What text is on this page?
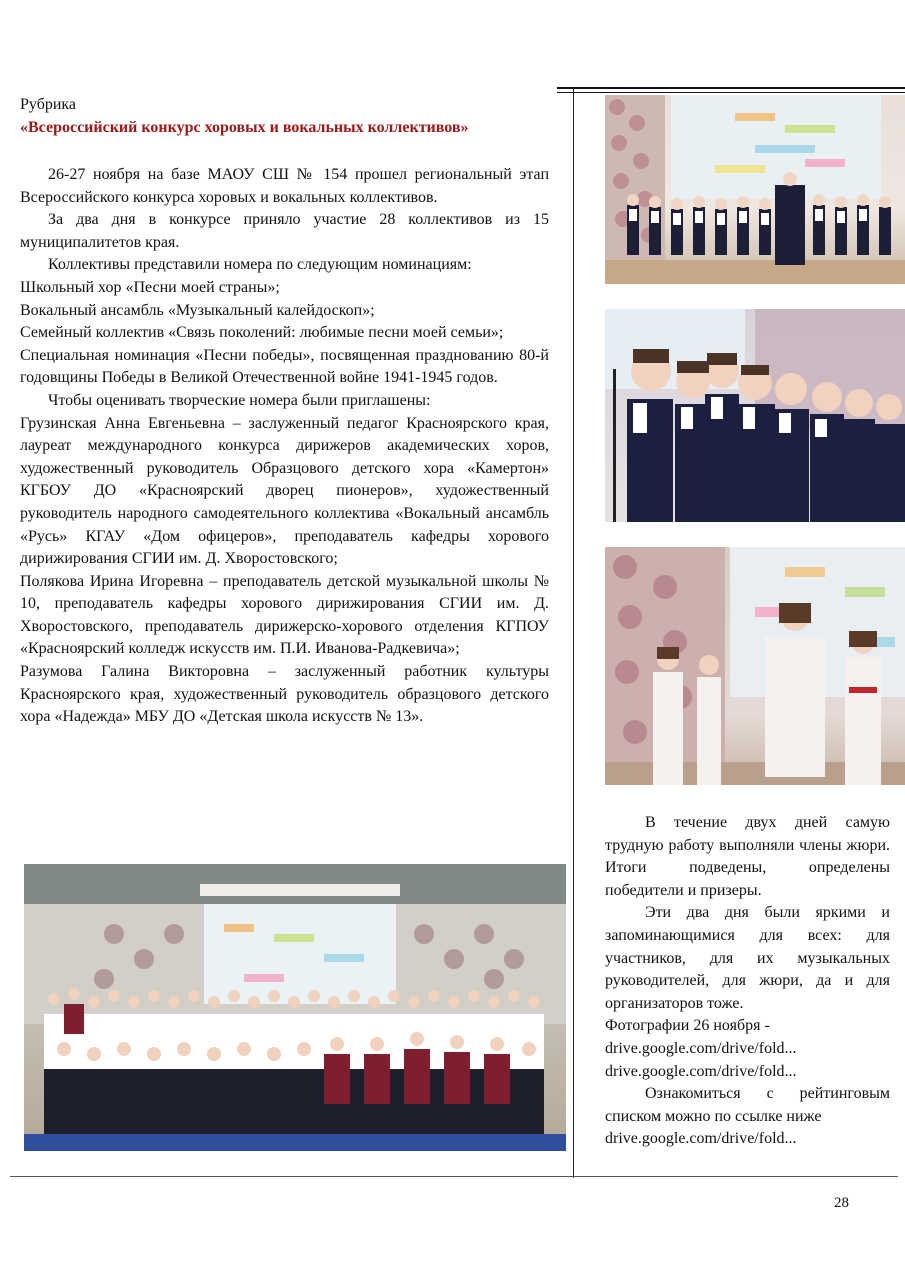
Рубрика
«Всероссийский конкурс хоровых и вокальных коллективов»

26-27 ноября на базе МАОУ СШ № 154 прошел региональный этап Всероссийского конкурса хоровых и вокальных коллективов.

За два дня в конкурсе приняло участие 28 коллективов из 15 муниципалитетов края.

Коллективы представили номера по следующим номинациям:

Школьный хор «Песни моей страны»;

Вокальный ансамбль «Музыкальный калейдоскоп»;

Семейный коллектив «Связь поколений: любимые песни моей семьи»;

Специальная номинация «Песни победы», посвященная празднованию 80-й годовщины Победы в Великой Отечественной войне 1941-1945 годов.

Чтобы оценивать творческие номера были приглашены:

Грузинская Анна Евгеньевна – заслуженный педагог Красноярского края, лауреат международного конкурса дирижеров академических хоров, художественный руководитель Образцового детского хора «Камертон» КГБОУ ДО «Красноярский дворец пионеров», художественный руководитель народного самодеятельного коллектива «Вокальный ансамбль «Русь» КГАУ «Дом офицеров», преподаватель кафедры хорового дирижирования СГИИ им. Д. Хворостовского;

Полякова Ирина Игоревна – преподаватель детской музыкальной школы № 10, преподаватель кафедры хорового дирижирования СГИИ им. Д. Хворостовского, преподаватель дирижерско-хорового отделения КГПОУ «Красноярский колледж искусств им. П.И. Иванова-Радкевича»;

Разумова Галина Викторовна – заслуженный работник культуры Красноярского края, художественный руководитель образцового детского хора «Надежда» МБУ ДО «Детская школа искусств № 13».

В течение двух дней самую трудную работу выполняли члены жюри. Итоги подведены, определены победители и призеры.

Эти два дня были яркими и запоминающимися для всех: для участников, для их музыкальных руководителей, для жюри, да и для организаторов тоже.

Фотографии 26 ноября -

drive.google.com/drive/fold...

drive.google.com/drive/fold...

Ознакомиться с рейтинговым списком можно по ссылке ниже

drive.google.com/drive/fold...

28
